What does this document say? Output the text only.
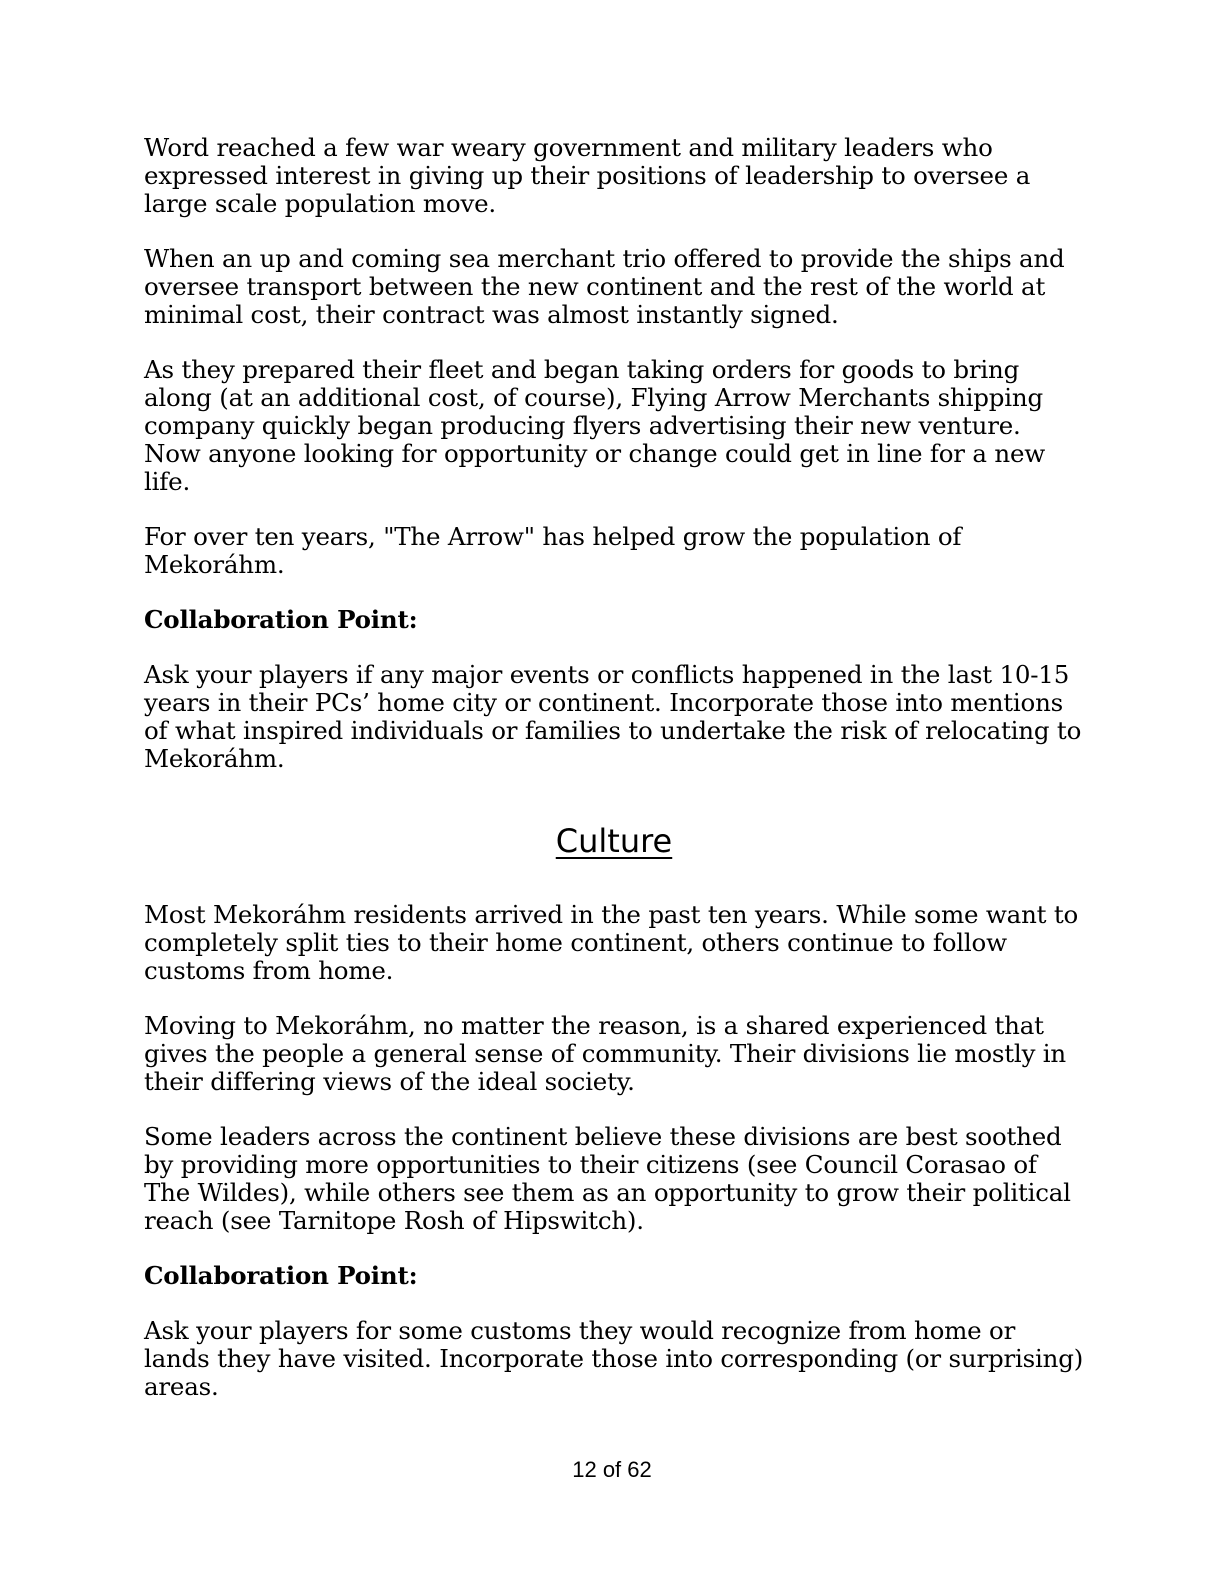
Word reached a few war weary government and military leaders who expressed interest in giving up their positions of leadership to oversee a large scale population move.

When an up and coming sea merchant trio offered to provide the ships and oversee transport between the new continent and the rest of the world at minimal cost, their contract was almost instantly signed.

As they prepared their fleet and began taking orders for goods to bring along (at an additional cost, of course), Flying Arrow Merchants shipping company quickly began producing flyers advertising their new venture. Now anyone looking for opportunity or change could get in line for a new life.

For over ten years, "The Arrow" has helped grow the population of Mekoráhm.

Collaboration Point:

Ask your players if any major events or conflicts happened in the last 10-15 years in their PCs’ home city or continent. Incorporate those into mentions of what inspired individuals or families to undertake the risk of relocating to Mekoráhm.

Culture

Most Mekoráhm residents arrived in the past ten years. While some want to completely split ties to their home continent, others continue to follow customs from home.

Moving to Mekoráhm, no matter the reason, is a shared experienced that gives the people a general sense of community. Their divisions lie mostly in their differing views of the ideal society.

Some leaders across the continent believe these divisions are best soothed by providing more opportunities to their citizens (see Council Corasao of The Wildes), while others see them as an opportunity to grow their political reach (see Tarnitope Rosh of Hipswitch).

Collaboration Point:

Ask your players for some customs they would recognize from home or lands they have visited. Incorporate those into corresponding (or surprising) areas.

12 of 62
